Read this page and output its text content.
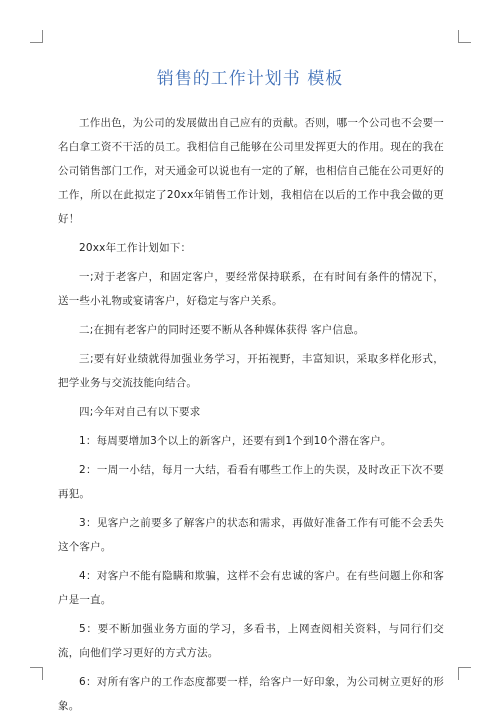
销售的工作计划书 模板

工作出色，为公司的发展做出自己应有的贡献。否则，哪一个公司也不会要一名白拿工资不干活的员工。我相信自己能够在公司里发挥更大的作用。现在的我在公司销售部门工作，对天通金可以说也有一定的了解，也相信自己能在公司更好的工作，所以在此拟定了20xx年销售工作计划，我相信在以后的工作中我会做的更好！

20xx年工作计划如下：

一;对于老客户，和固定客户，要经常保持联系，在有时间有条件的情况下，送一些小礼物或宴请客户，好稳定与客户关系。

二;在拥有老客户的同时还要不断从各种媒体获得 客户信息。

三;要有好业绩就得加强业务学习，开拓视野，丰富知识，采取多样化形式，把学业务与交流技能向结合。

四;今年对自己有以下要求

1：每周要增加3个以上的新客户，还要有到1个到10个潜在客户。

2：一周一小结，每月一大结，看看有哪些工作上的失误，及时改正下次不要再犯。

3：见客户之前要多了解客户的状态和需求，再做好准备工作有可能不会丢失这个客户。

4：对客户不能有隐瞒和欺骗，这样不会有忠诚的客户。在有些问题上你和客户是一直。

5：要不断加强业务方面的学习，多看书，上网查阅相关资料，与同行们交流，向他们学习更好的方式方法。

6：对所有客户的工作态度都要一样，给客户一好印象，为公司树立更好的形象。
